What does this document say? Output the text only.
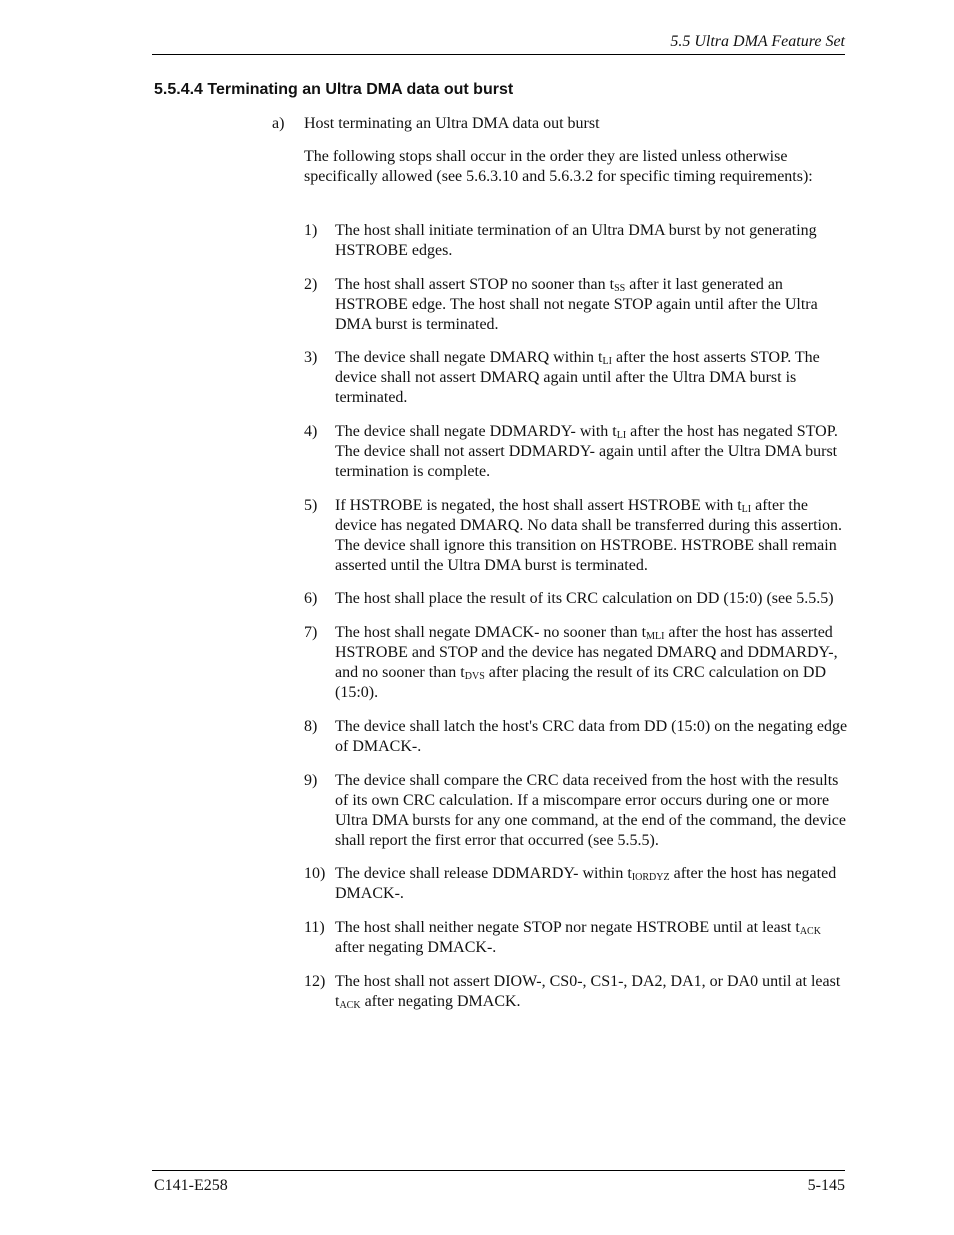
5.5 Ultra DMA Feature Set
5.5.4.4 Terminating an Ultra DMA data out burst
a) Host terminating an Ultra DMA data out burst
The following stops shall occur in the order they are listed unless otherwise specifically allowed (see 5.6.3.10 and 5.6.3.2 for specific timing requirements):
1)	The host shall initiate termination of an Ultra DMA burst by not generating HSTROBE edges.
2)	The host shall assert STOP no sooner than $t_{SS}$ after it last generated an HSTROBE edge. The host shall not negate STOP again until after the Ultra DMA burst is terminated.
3)	The device shall negate DMARQ within $t_{LI}$ after the host asserts STOP. The device shall not assert DMARQ again until after the Ultra DMA burst is terminated.
4)	The device shall negate DDMARDY- with $t_{LI}$ after the host has negated STOP. The device shall not assert DDMARDY- again until after the Ultra DMA burst termination is complete.
5)	If HSTROBE is negated, the host shall assert HSTROBE with $t_{LI}$ after the device has negated DMARQ. No data shall be transferred during this assertion. The device shall ignore this transition on HSTROBE. HSTROBE shall remain asserted until the Ultra DMA burst is terminated.
6)	The host shall place the result of its CRC calculation on DD (15:0) (see 5.5.5)
7)	The host shall negate DMACK- no sooner than $t_{MLI}$ after the host has asserted HSTROBE and STOP and the device has negated DMARQ and DDMARDY-, and no sooner than $t_{DVS}$ after placing the result of its CRC calculation on DD (15:0).
8)	The device shall latch the host's CRC data from DD (15:0) on the negating edge of DMACK-.
9)	The device shall compare the CRC data received from the host with the results of its own CRC calculation. If a miscompare error occurs during one or more Ultra DMA bursts for any one command, at the end of the command, the device shall report the first error that occurred (see 5.5.5).
10) The device shall release DDMARDY- within $t_{IORDYZ}$ after the host has negated DMACK-.
11) The host shall neither negate STOP nor negate HSTROBE until at least $t_{ACK}$ after negating DMACK-.
12) The host shall not assert DIOW-, CS0-, CS1-, DA2, DA1, or DA0 until at least $t_{ACK}$ after negating DMACK.
C141-E258	5-145
